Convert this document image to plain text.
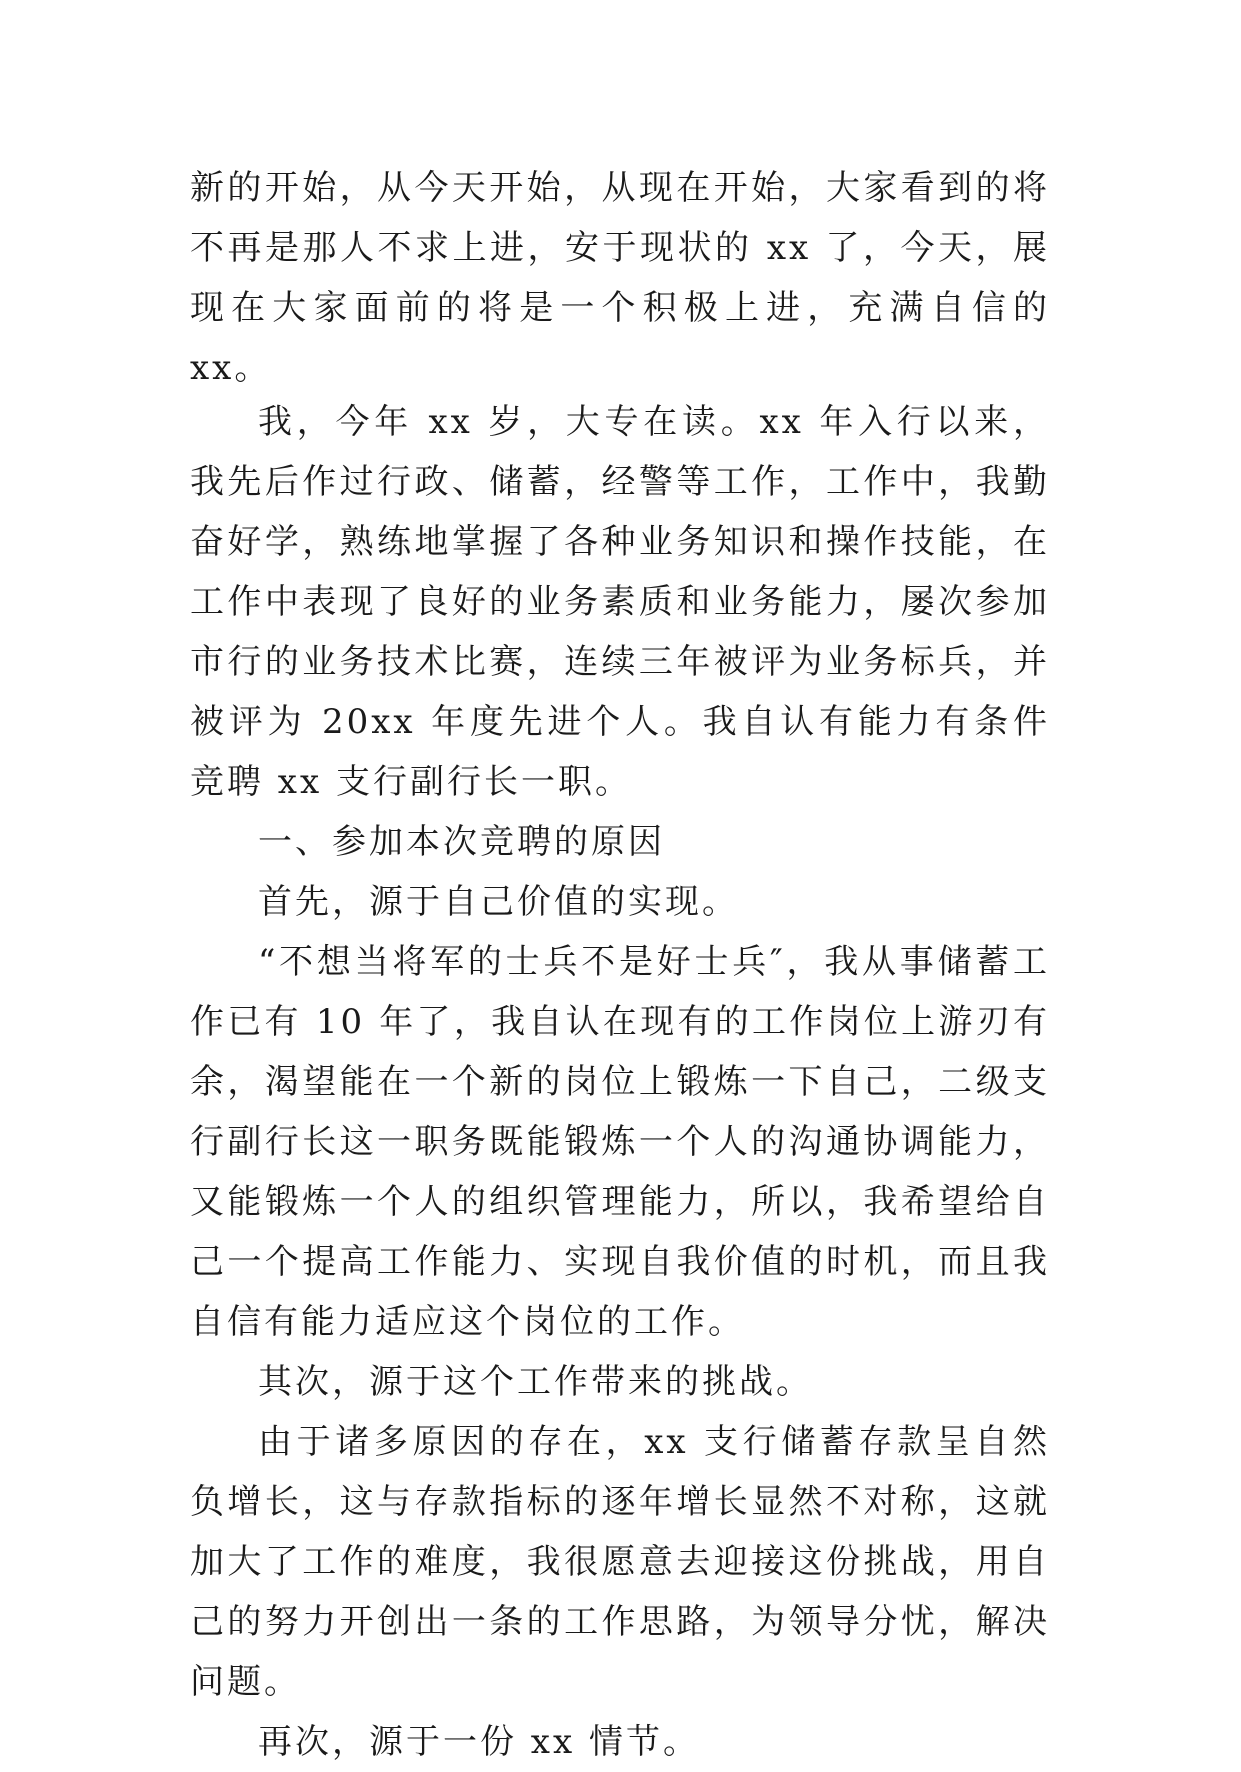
新的开始，从今天开始，从现在开始，大家看到的将不再是那人不求上进，安于现状的 xx 了，今天，展现在大家面前的将是一个积极上进，充满自信的 xx。

我，今年 xx 岁，大专在读。xx 年入行以来，我先后作过行政、储蓄，经警等工作，工作中，我勤奋好学，熟练地掌握了各种业务知识和操作技能，在工作中表现了良好的业务素质和业务能力，屡次参加市行的业务技术比赛，连续三年被评为业务标兵，并被评为 20xx 年度先进个人。我自认有能力有条件竞聘 xx 支行副行长一职。

一、参加本次竞聘的原因

首先，源于自己价值的实现。

“不想当将军的士兵不是好士兵″，我从事储蓄工作已有 10 年了，我自认在现有的工作岗位上游刃有余，渴望能在一个新的岗位上锻炼一下自己，二级支行副行长这一职务既能锻炼一个人的沟通协调能力，又能锻炼一个人的组织管理能力，所以，我希望给自己一个提高工作能力、实现自我价值的时机，而且我自信有能力适应这个岗位的工作。

其次，源于这个工作带来的挑战。

由于诸多原因的存在，xx 支行储蓄存款呈自然负增长，这与存款指标的逐年增长显然不对称，这就加大了工作的难度，我很愿意去迎接这份挑战，用自己的努力开创出一条的工作思路，为领导分忧，解决问题。

再次，源于一份 xx 情节。
